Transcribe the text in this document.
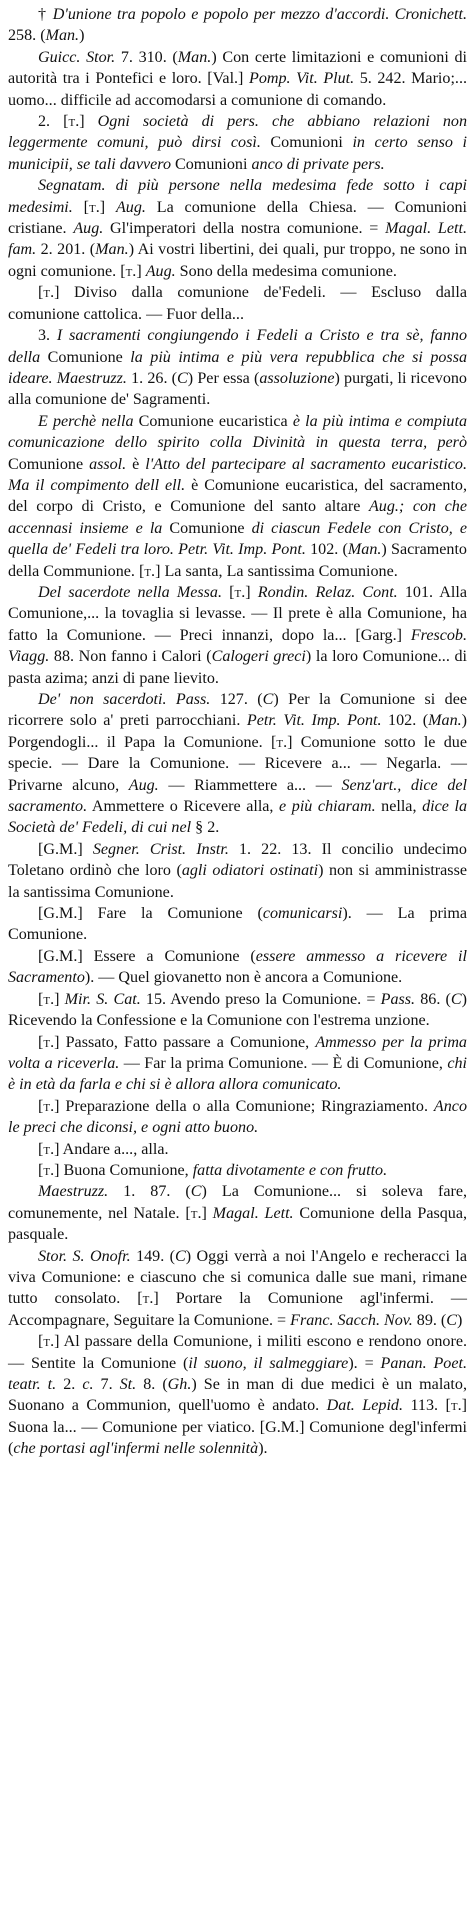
† D'unione tra popolo e popolo per mezzo d'accordi. Cronichett. 258. (Man.)

Guicc. Stor. 7. 310. (Man.) Con certe limitazioni e comunioni di autorità tra i Pontefici e loro. [Val.] Pomp. Vit. Plut. 5. 242. Mario;... uomo... difficile ad accomodarsi a comunione di comando.

2. [t.] Ogni società di pers. che abbiano relazioni non leggermente comuni, può dirsi così. Comunioni in certo senso i municipii, se tali davvero Comunioni anco di private pers.

Segnatam. di più persone nella medesima fede sotto i capi medesimi. [t.] Aug. La comunione della Chiesa. — Comunioni cristiane. Aug. Gl'imperatori della nostra comunione. = Magal. Lett. fam. 2. 201. (Man.) Ai vostri libertini, dei quali, pur troppo, ne sono in ogni comunione. [t.] Aug. Sono della medesima comunione.

[t.] Diviso dalla comunione de'Fedeli. — Escluso dalla comunione cattolica. — Fuor della...

3. I sacramenti congiungendo i Fedeli a Cristo e tra sè, fanno della Comunione la più intima e più vera repubblica che si possa ideare. Maestruzz. 1. 26. (C) Per essa (assoluzione) purgati, li ricevono alla comunione de' Sagramenti.

E perchè nella Comunione eucaristica è la più intima e compiuta comunicazione dello spirito colla Divinità in questa terra, però Comunione assol. è l'Atto del partecipare al sacramento eucaristico. Ma il compimento dell ell. è Comunione eucaristica, del sacramento, del corpo di Cristo, e Comunione del santo altare Aug.; con che accennasi insieme e la Comunione di ciascun Fedele con Cristo, e quella de' Fedeli tra loro. Petr. Vit. Imp. Pont. 102. (Man.) Sacramento della Communione. [t.] La santa, La santissima Comunione.

Del sacerdote nella Messa. [t.] Rondin. Relaz. Cont. 101. Alla Comunione,... la tovaglia si levasse. — Il prete è alla Comunione, ha fatto la Comunione. — Preci innanzi, dopo la... [Garg.] Frescob. Viagg. 88. Non fanno i Calori (Calogeri greci) la loro Comunione... di pasta azima; anzi di pane lievito.

De' non sacerdoti. Pass. 127. (C) Per la Comunione si dee ricorrere solo a' preti parrocchiani. Petr. Vit. Imp. Pont. 102. (Man.) Porgendogli... il Papa la Comunione. [t.] Comunione sotto le due specie. — Dare la Comunione. — Ricevere a... — Negarla. — Privarne alcuno, Aug. — Riammettere a... — Senz'art., dice del sacramento. Ammettere o Ricevere alla, e più chiaram. nella, dice la Società de' Fedeli, di cui nel § 2.

[G.M.] Segner. Crist. Instr. 1. 22. 13. Il concilio undecimo Toletano ordinò che loro (agli odiatori ostinati) non si amministrasse la santissima Comunione.

[G.M.] Fare la Comunione (comunicarsi). — La prima Comunione.

[G.M.] Essere a Comunione (essere ammesso a ricevere il Sacramento). — Quel giovanetto non è ancora a Comunione.

[t.] Mir. S. Cat. 15. Avendo preso la Comunione. = Pass. 86. (C) Ricevendo la Confessione e la Comunione con l'estrema unzione.

[t.] Passato, Fatto passare a Comunione, Ammesso per la prima volta a riceverla. — Far la prima Comunione. — È di Comunione, chi è in età da farla e chi si è allora allora comunicato.

[t.] Preparazione della o alla Comunione; Ringraziamento. Anco le preci che diconsi, e ogni atto buono.

[t.] Andare a..., alla.

[t.] Buona Comunione, fatta divotamente e con frutto.

Maestruzz. 1. 87. (C) La Comunione... si soleva fare, comunemente, nel Natale. [t.] Magal. Lett. Comunione della Pasqua, pasquale.

Stor. S. Onofr. 149. (C) Oggi verrà a noi l'Angelo e recheracci la viva Comunione: e ciascuno che si comunica dalle sue mani, rimane tutto consolato. [t.] Portare la Comunione agl'infermi. — Accompagnare, Seguitare la Comunione. = Franc. Sacch. Nov. 89. (C)

[t.] Al passare della Comunione, i militi escono e rendono onore. — Sentite la Comunione (il suono, il salmeggiare). = Panan. Poet. teatr. t. 2. c. 7. St. 8. (Gh.) Se in man di due medici è un malato, Suonano a Communion, quell'uomo è andato. Dat. Lepid. 113. [t.] Suona la... — Comunione per viatico. [G.M.] Comunione degl'infermi (che portasi agl'infermi nelle solennità).
